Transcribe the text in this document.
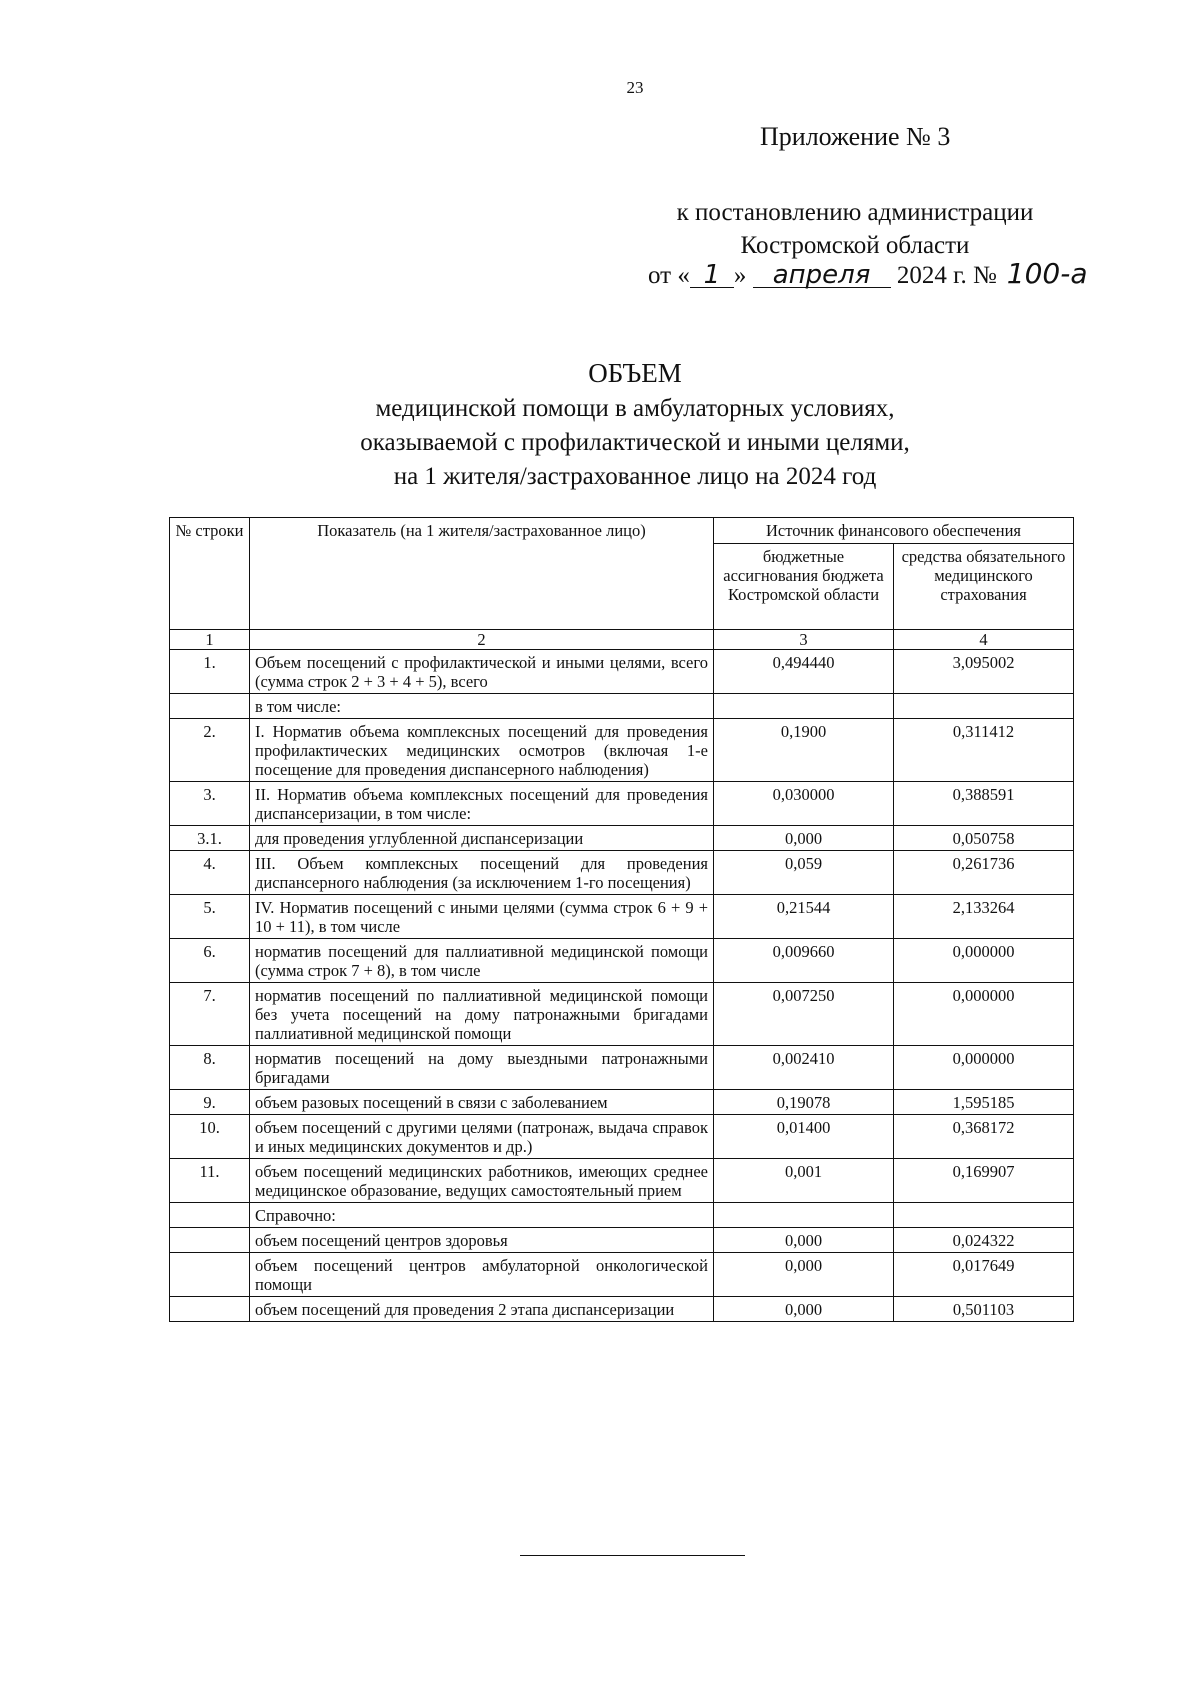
23
Приложение № 3
к постановлению администрации
Костромской области
от « 1 » апреля 2024 г. № 100-а
ОБЪЕМ
медицинской помощи в амбулаторных условиях,
оказываемой с профилактической и иными целями,
на 1 жителя/застрахованное лицо на 2024 год
№ строки	Показатель (на 1 жителя/застрахованное лицо)	Источник финансового обеспечения	
		бюджетные ассигнования бюджета Костромской области	средства обязательного медицинского страхования
1	2	3	4
1.	Объем посещений с профилактической и иными целями, всего (сумма строк 2 + 3 + 4 + 5), всего	0,494440	3,095002
	в том числе:		
2.	I. Норматив объема комплексных посещений для проведения профилактических медицинских осмотров (включая 1-е посещение для проведения диспансерного наблюдения)	0,1900	0,311412
3.	II. Норматив объема комплексных посещений для проведения диспансеризации, в том числе:	0,030000	0,388591
3.1.	для проведения углубленной диспансеризации	0,000	0,050758
4.	III. Объем комплексных посещений для проведения диспансерного наблюдения (за исключением 1-го посещения)	0,059	0,261736
5.	IV. Норматив посещений с иными целями (сумма строк 6 + 9 + 10 + 11), в том числе	0,21544	2,133264
6.	норматив посещений для паллиативной медицинской помощи (сумма строк 7 + 8), в том числе	0,009660	0,000000
7.	норматив посещений по паллиативной медицинской помощи без учета посещений на дому патронажными бригадами паллиативной медицинской помощи	0,007250	0,000000
8.	норматив посещений на дому выездными патронажными бригадами	0,002410	0,000000
9.	объем разовых посещений в связи с заболеванием	0,19078	1,595185
10.	объем посещений с другими целями (патронаж, выдача справок и иных медицинских документов и др.)	0,01400	0,368172
11.	объем посещений медицинских работников, имеющих среднее медицинское образование, ведущих самостоятельный прием	0,001	0,169907
	Справочно:		
	объем посещений центров здоровья	0,000	0,024322
	объем посещений центров амбулаторной онкологической помощи	0,000	0,017649
	объем посещений для проведения 2 этапа диспансеризации	0,000	0,501103
